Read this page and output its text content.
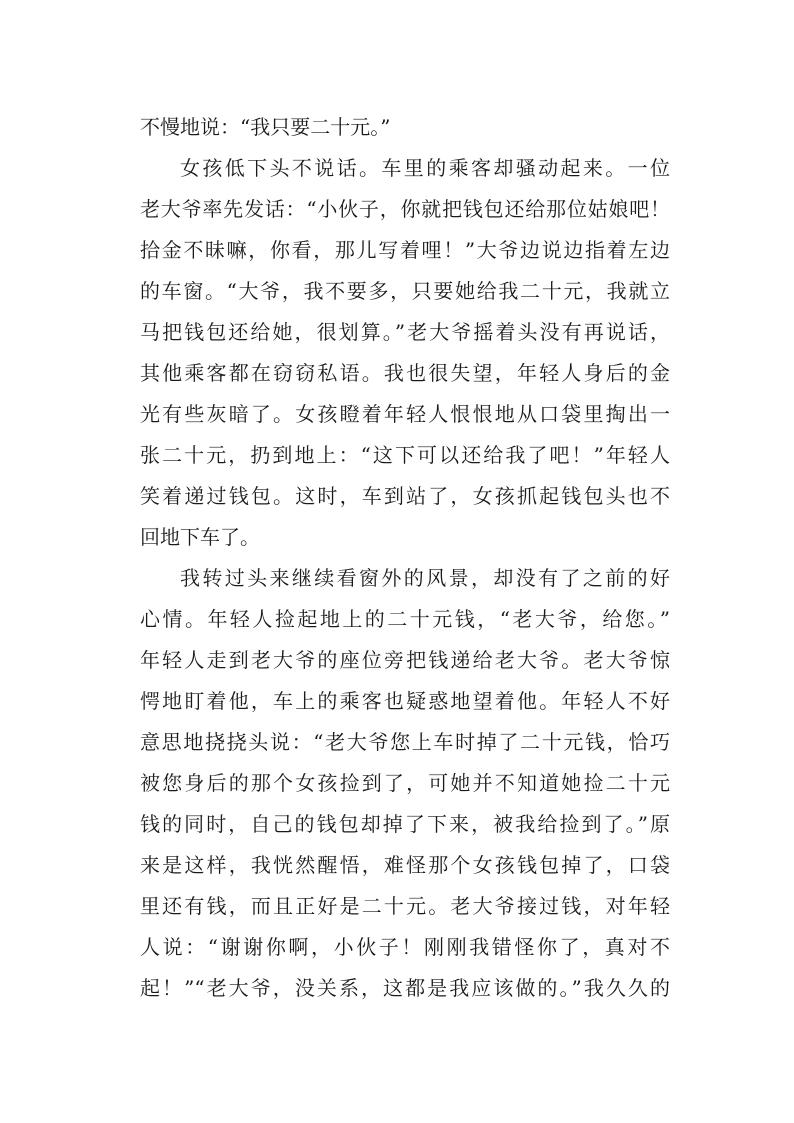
不慢地说：“我只要二十元。”
女孩低下头不说话。车里的乘客却骚动起来。一位
老大爷率先发话：“小伙子，你就把钱包还给那位姑娘吧！
拾金不昧嘛，你看，那儿写着哩！”大爷边说边指着左边
的车窗。“大爷，我不要多，只要她给我二十元，我就立
马把钱包还给她，很划算。”老大爷摇着头没有再说话，
其他乘客都在窃窃私语。我也很失望，年轻人身后的金
光有些灰暗了。女孩瞪着年轻人恨恨地从口袋里掏出一
张二十元，扔到地上：“这下可以还给我了吧！”年轻人
笑着递过钱包。这时，车到站了，女孩抓起钱包头也不
回地下车了。
我转过头来继续看窗外的风景，却没有了之前的好
心情。年轻人捡起地上的二十元钱，“老大爷，给您。”
年轻人走到老大爷的座位旁把钱递给老大爷。老大爷惊
愕地盯着他，车上的乘客也疑惑地望着他。年轻人不好
意思地挠挠头说：“老大爷您上车时掉了二十元钱，恰巧
被您身后的那个女孩捡到了，可她并不知道她捡二十元
钱的同时，自己的钱包却掉了下来，被我给捡到了。”原
来是这样，我恍然醒悟，难怪那个女孩钱包掉了，口袋
里还有钱，而且正好是二十元。老大爷接过钱，对年轻
人说：“谢谢你啊，小伙子！刚刚我错怪你了，真对不
起！”“老大爷，没关系，这都是我应该做的。”我久久的
